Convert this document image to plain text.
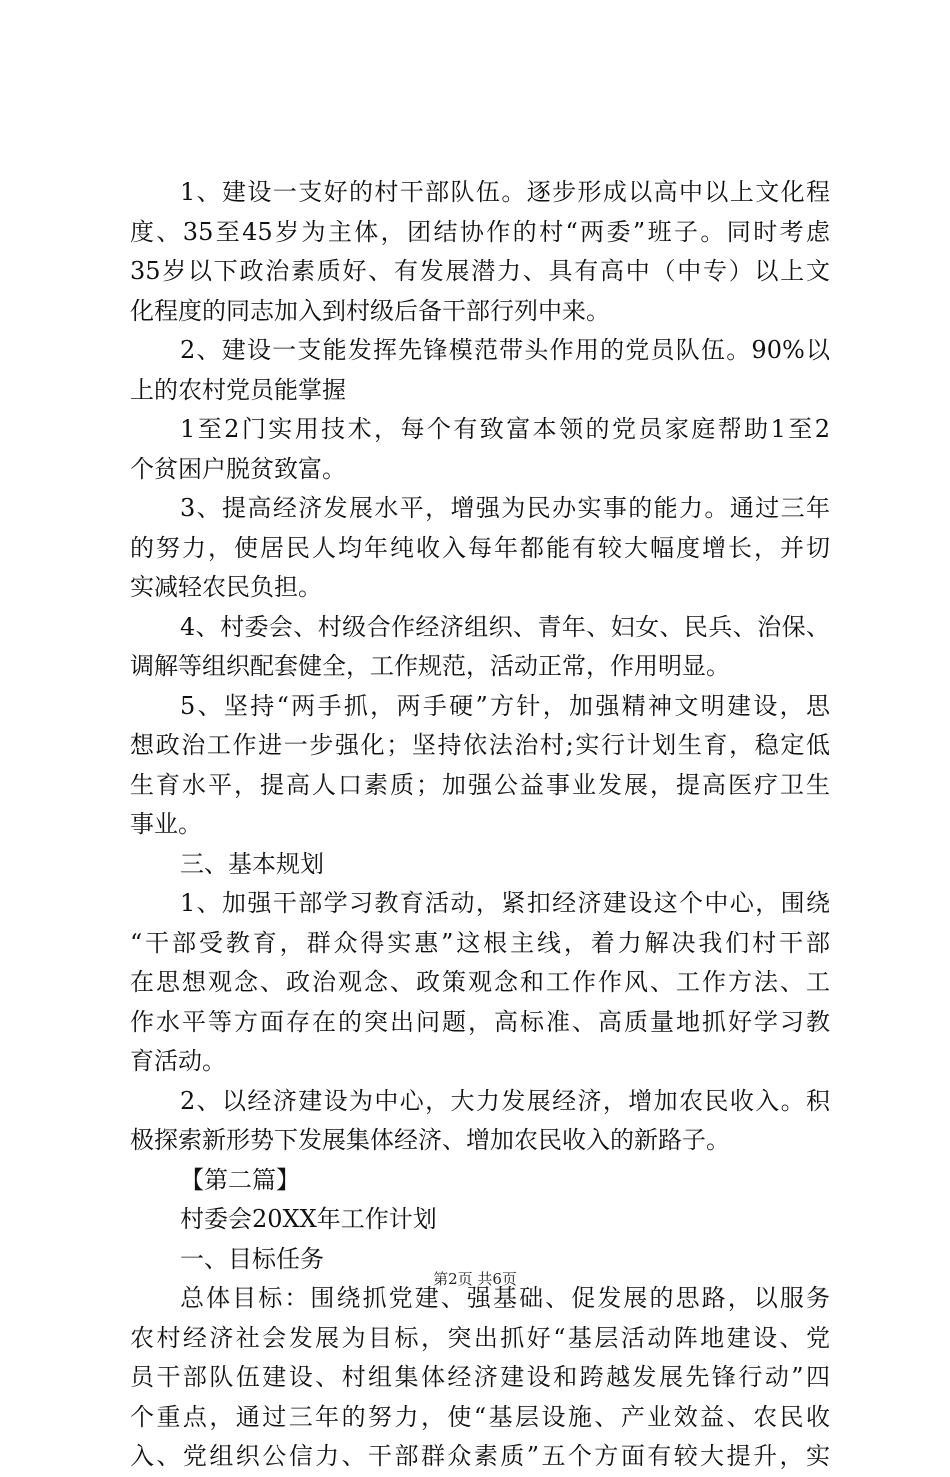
1、建设一支好的村干部队伍。逐步形成以高中以上文化程
度、35至45岁为主体，团结协作的村“两委”班子。同时考虑
35岁以下政治素质好、有发展潜力、具有高中（中专）以上文
化程度的同志加入到村级后备干部行列中来。
2、建设一支能发挥先锋模范带头作用的党员队伍。90%以
上的农村党员能掌握
1至2门实用技术，每个有致富本领的党员家庭帮助1至2
个贫困户脱贫致富。
3、提高经济发展水平，增强为民办实事的能力。通过三年
的努力，使居民人均年纯收入每年都能有较大幅度增长，并切
实减轻农民负担。
4、村委会、村级合作经济组织、青年、妇女、民兵、治保、
调解等组织配套健全，工作规范，活动正常，作用明显。
5、坚持“两手抓，两手硬”方针，加强精神文明建设，思
想政治工作进一步强化；坚持依法治村;实行计划生育，稳定低
生育水平，提高人口素质；加强公益事业发展，提高医疗卫生
事业。
三、基本规划
1、加强干部学习教育活动，紧扣经济建设这个中心，围绕
“干部受教育，群众得实惠”这根主线，着力解决我们村干部
在思想观念、政治观念、政策观念和工作作风、工作方法、工
作水平等方面存在的突出问题，高标准、高质量地抓好学习教
育活动。
2、以经济建设为中心，大力发展经济，增加农民收入。积
极探索新形势下发展集体经济、增加农民收入的新路子。
【第二篇】
村委会20XX年工作计划
一、目标任务
总体目标：围绕抓党建、强基础、促发展的思路，以服务
农村经济社会发展为目标，突出抓好“基层活动阵地建设、党
员干部队伍建设、村组集体经济建设和跨越发展先锋行动”四
个重点，通过三年的努力，使“基层设施、产业效益、农民收
入、党组织公信力、干部群众素质”五个方面有较大提升，实
第2页 共6页
